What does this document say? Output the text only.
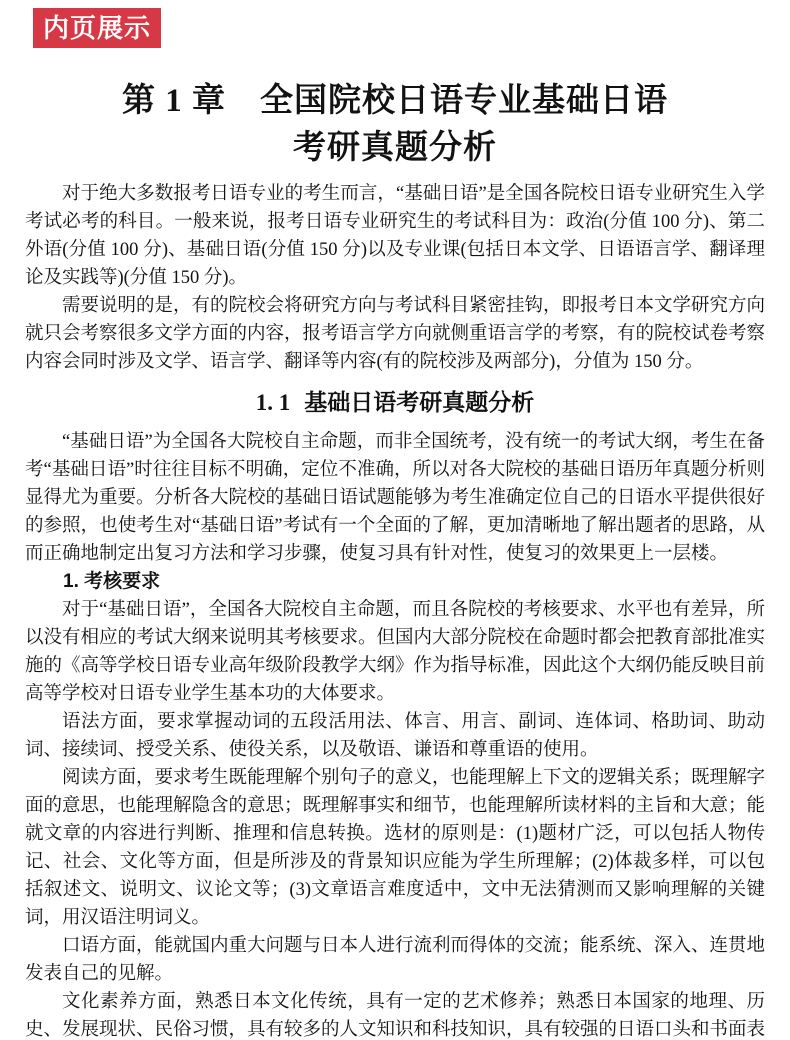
内页展示
第 1 章　全国院校日语专业基础日语
考研真题分析

对于绝大多数报考日语专业的考生而言，“基础日语”是全国各院校日语专业研究生入学考试必考的科目。一般来说，报考日语专业研究生的考试科目为：政治(分值 100 分)、第二外语(分值 100 分)、基础日语(分值 150 分)以及专业课(包括日本文学、日语语言学、翻译理论及实践等)(分值 150 分)。

需要说明的是，有的院校会将研究方向与考试科目紧密挂钩，即报考日本文学研究方向就只会考察很多文学方面的内容，报考语言学方向就侧重语言学的考察，有的院校试卷考察内容会同时涉及文学、语言学、翻译等内容(有的院校涉及两部分)，分值为 150 分。

1. 1 基础日语考研真题分析

“基础日语”为全国各大院校自主命题，而非全国统考，没有统一的考试大纲，考生在备考“基础日语”时往往目标不明确，定位不准确，所以对各大院校的基础日语历年真题分析则显得尤为重要。分析各大院校的基础日语试题能够为考生准确定位自己的日语水平提供很好的参照，也使考生对“基础日语”考试有一个全面的了解，更加清晰地了解出题者的思路，从而正确地制定出复习方法和学习步骤，使复习具有针对性，使复习的效果更上一层楼。

1. 考核要求

对于“基础日语”，全国各大院校自主命题，而且各院校的考核要求、水平也有差异，所以没有相应的考试大纲来说明其考核要求。但国内大部分院校在命题时都会把教育部批准实施的《高等学校日语专业高年级阶段教学大纲》作为指导标准，因此这个大纲仍能反映目前高等学校对日语专业学生基本功的大体要求。

语法方面，要求掌握动词的五段活用法、体言、用言、副词、连体词、格助词、助动词、接续词、授受关系、使役关系，以及敬语、谦语和尊重语的使用。

阅读方面，要求考生既能理解个别句子的意义，也能理解上下文的逻辑关系；既理解字面的意思，也能理解隐含的意思；既理解事实和细节，也能理解所读材料的主旨和大意；能就文章的内容进行判断、推理和信息转换。选材的原则是：(1)题材广泛，可以包括人物传记、社会、文化等方面，但是所涉及的背景知识应能为学生所理解；(2)体裁多样，可以包括叙述文、说明文、议论文等；(3)文章语言难度适中，文中无法猜测而又影响理解的关键词，用汉语注明词义。

口语方面，能就国内重大问题与日本人进行流利而得体的交流；能系统、深入、连贯地发表自己的见解。

文化素养方面，熟悉日本文化传统，具有一定的艺术修养；熟悉日本国家的地理、历史、发展现状、民俗习惯，具有较多的人文知识和科技知识，具有较强的日语口头和书面表
